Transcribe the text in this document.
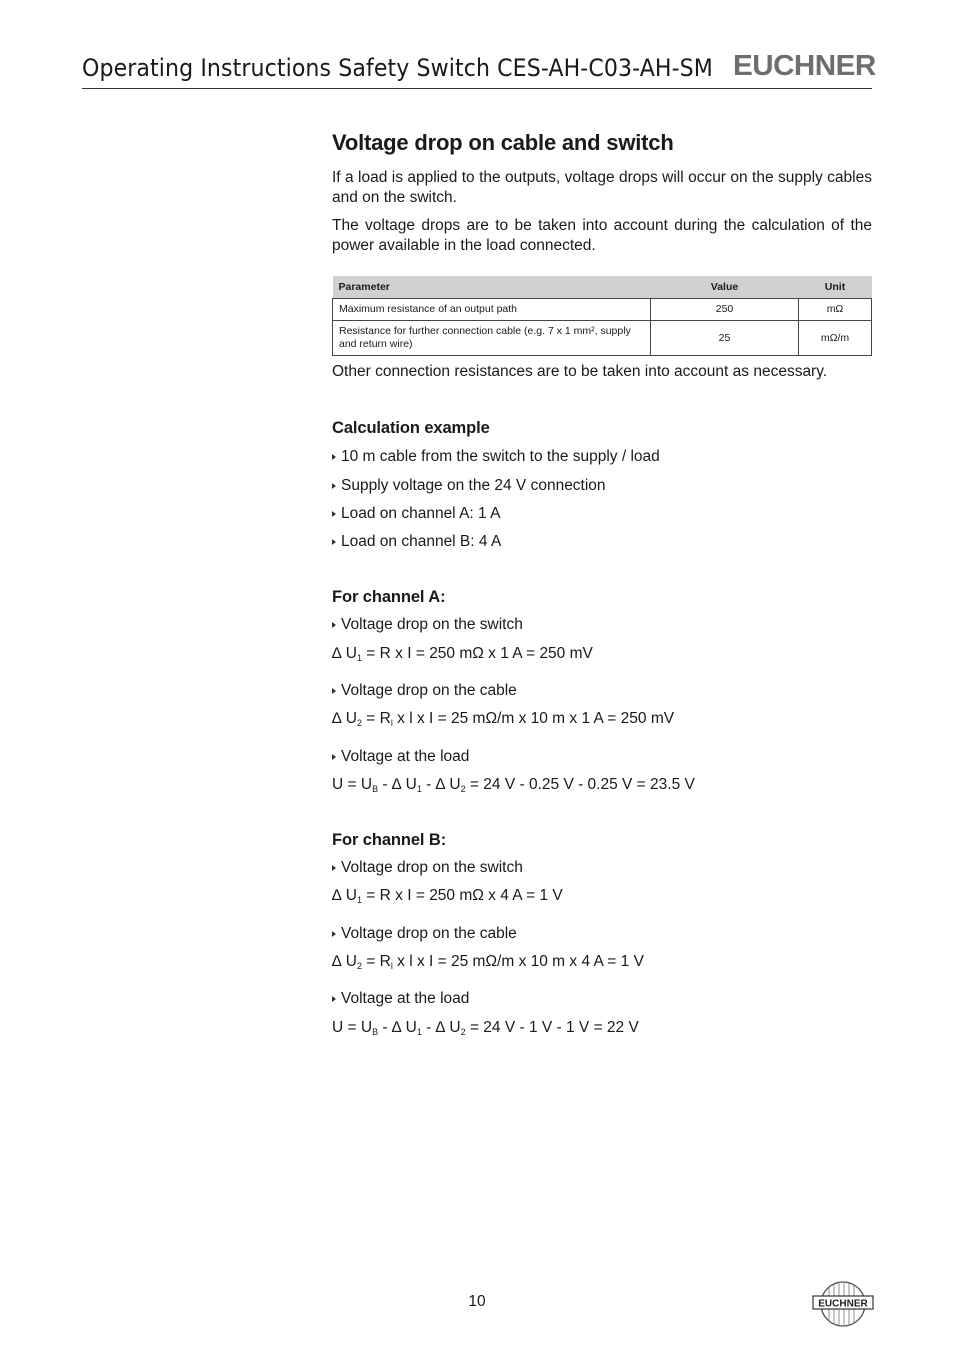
Operating Instructions Safety Switch CES-AH-C03-AH-SM EUCHNER
Voltage drop on cable and switch

If a load is applied to the outputs, voltage drops will occur on the supply cables and on the switch.

The voltage drops are to be taken into account during the calculation of the power available in the load connected.

Parameter	Value	Unit
Maximum resistance of an output path	250	mΩ
Resistance for further connection cable (e.g. 7 x 1 mm², supply and return wire)	25	mΩ/m

Other connection resistances are to be taken into account as necessary.

Calculation example
10 m cable from the switch to the supply / load
Supply voltage on the 24 V connection
Load on channel A: 1 A
Load on channel B: 4 A
For channel A:
Voltage drop on the switch
∆ $U_1 = R$ x I = 250 mΩ x 1 A = 250 mV
Voltage drop on the cable
∆ $U_2 = R_l$ x l x I = 25 mΩ/m x 10 m x 1 A = 250 mV
Voltage at the load
$U = U_B$ - ∆ $U_1$ - ∆ $U_2 = 24$ V - 0.25 V - 0.25 V = 23.5 V
For channel B:
Voltage drop on the switch
∆ $U_1 = R$ x I = 250 mΩ x 4 A = 1 V
Voltage drop on the cable
∆ $U_2 = R_l$ x l x I = 25 mΩ/m x 10 m x 4 A = 1 V
Voltage at the load
$U = U_B$ - ∆ $U_1$ - ∆ $U_2 = 24$ V - 1 V - 1 V = 22 V
10	EUCHNER
